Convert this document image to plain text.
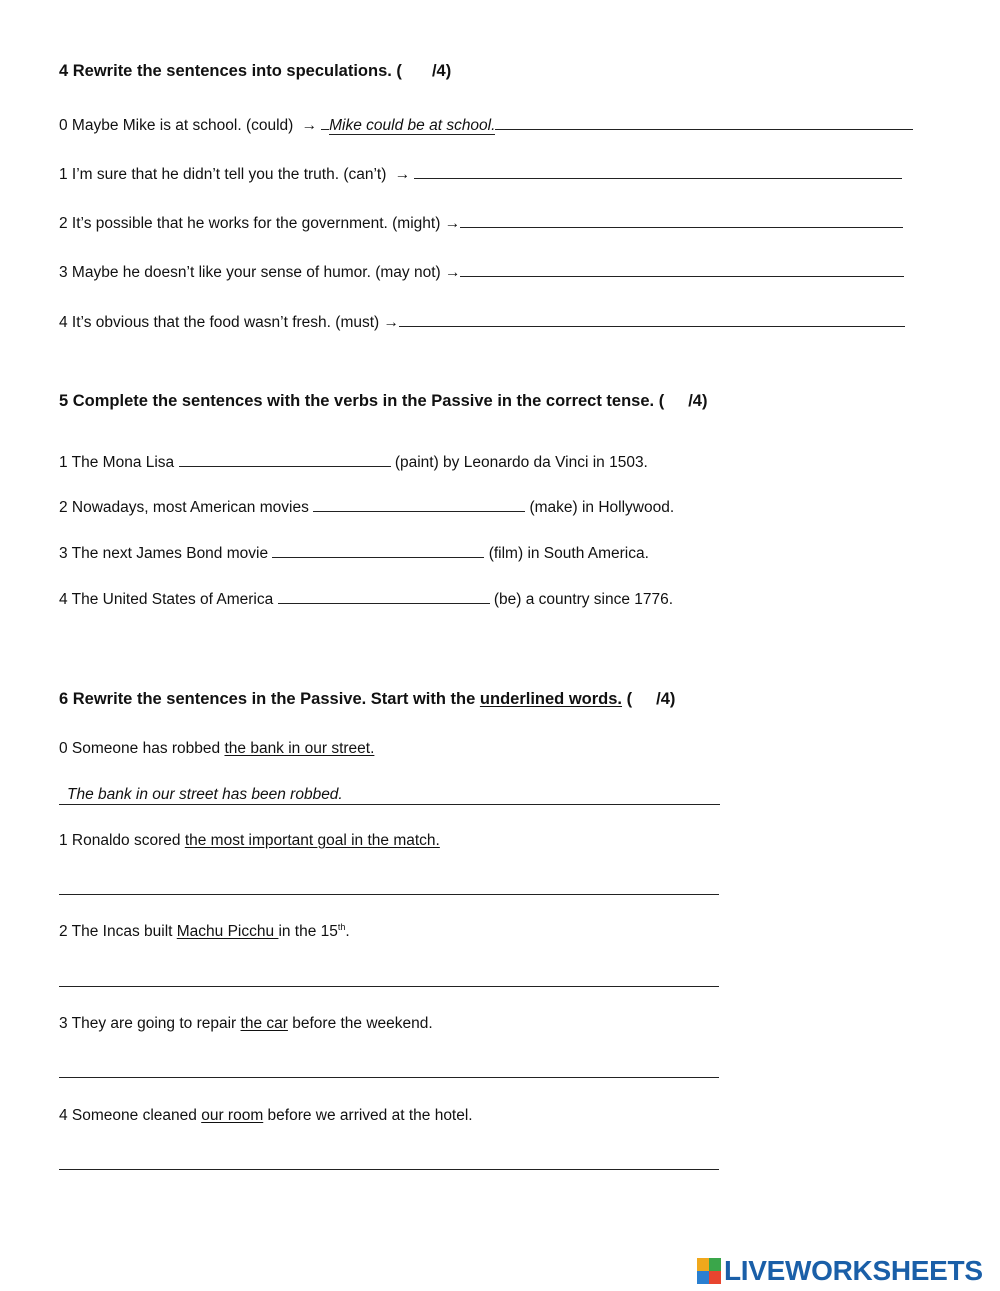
4 Rewrite the sentences into speculations. ( /4)
0 Maybe Mike is at school. (could) → Mike could be at school.
1 I’m sure that he didn’t tell you the truth. (can’t) →
2 It’s possible that he works for the government. (might) →
3 Maybe he doesn’t like your sense of humor. (may not) →
4 It’s obvious that the food wasn’t fresh. (must) →
5 Complete the sentences with the verbs in the Passive in the correct tense. ( /4)
1 The Mona Lisa	(paint) by Leonardo da Vinci in 1503.
2 Nowadays, most American movies	(make) in Hollywood.
3 The next James Bond movie	(film) in South America.
4 The United States of America	(be) a country since 1776.
6 Rewrite the sentences in the Passive. Start with the underlined words. ( /4)
0 Someone has robbed the bank in our street.
The bank in our street has been robbed.
1 Ronaldo scored the most important goal in the match.
2 The Incas built Machu Picchu in the 15th.
3 They are going to repair the car before the weekend.
4 Someone cleaned our room before we arrived at the hotel.
LIVEWORKSHEETS
